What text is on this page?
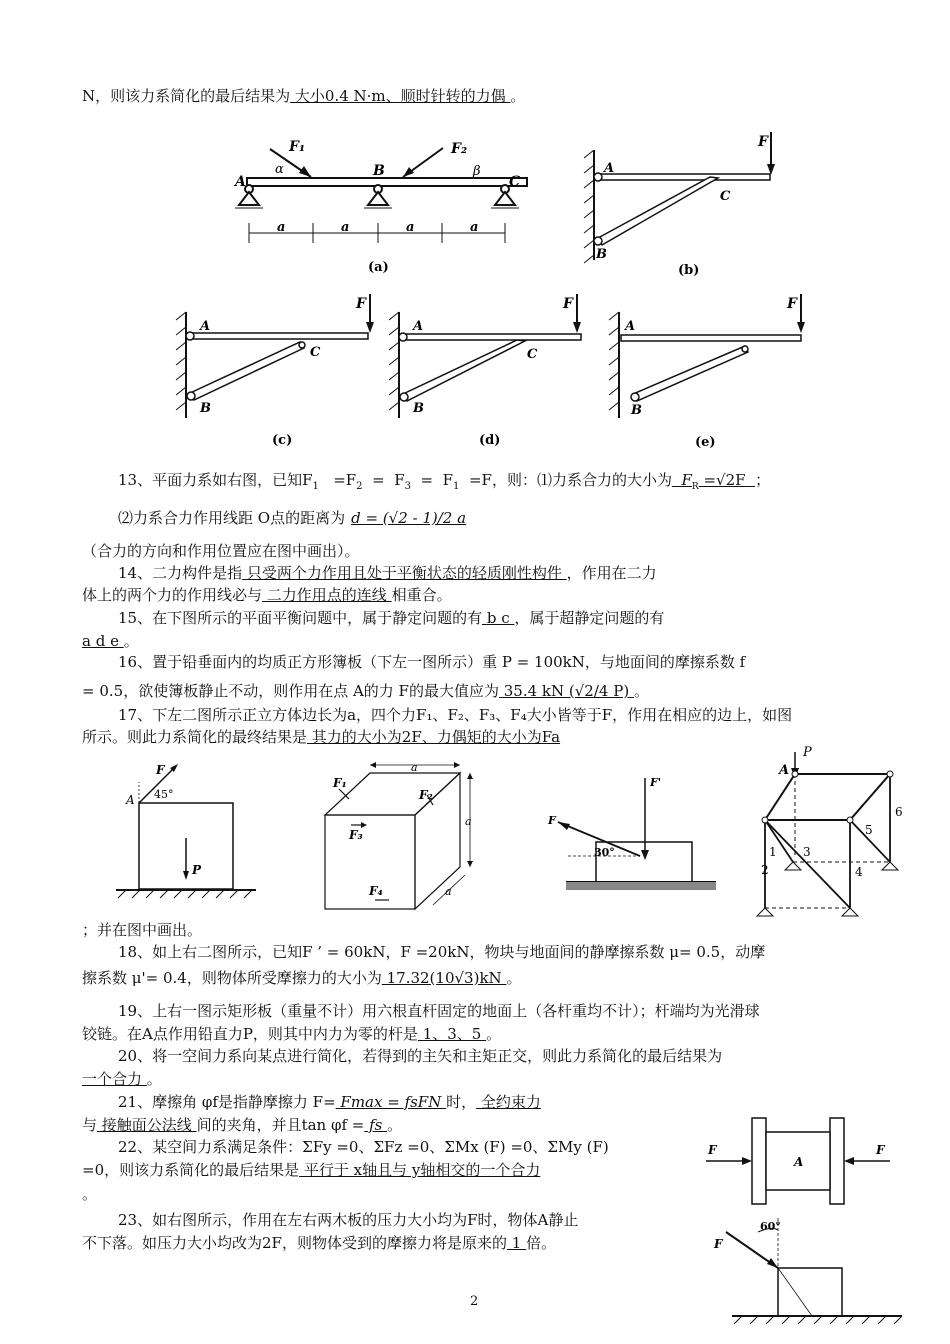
N，则该力系简化的最后结果为 大小0.4 N·m、顺时针转的力偶 。
A
B
C
F₁	F₂
α	β
a	a	a	a
(a)
F
A
B
C
(b)
F
A
B
C
(c)
F
A
B
C
(d)
F
A
B
(e)
13、平面力系如右图，已知$F_1 =F_2 = F_3 = F_1 =F$，则：⑴力系合力的大小为 $F_R =√2F$ ；
⑵力系合力作用线距 O点的距离为 d = (√2 - 1)/2 a
（合力的方向和作用位置应在图中画出）。
14、二力构件是指 只受两个力作用且处于平衡状态的轻质刚性构件 ，作用在二力
体上的两个力的作用线必与 二力作用点的连线 相重合。
15、在下图所示的平面平衡问题中，属于静定问题的有 b c ，属于超静定问题的有
a d e 。
16、置于铅垂面内的均质正方形簿板（下左一图所示）重 P = 100kN，与地面间的摩擦系数 f
= 0.5，欲使簿板静止不动，则作用在点 A的力 F的最大值应为 35.4 kN (√2/4 P) 。
17、下左二图所示正立方体边长为a，四个力F₁、F₂、F₃、F₄大小皆等于F，作用在相应的边上，如图
所示。则此力系简化的最终结果是 其力的大小为2F、力偶矩的大小为Fa
F
A 45°
P
a
a
a
F₁
F₂
F₃
F₄
F'
F
30°
A
P
1
2
3
4
5
6
；并在图中画出。
18、如上右二图所示，已知F ’ = 60kN，F =20kN，物块与地面间的静摩擦系数 μ= 0.5，动摩
擦系数 μ'= 0.4，则物体所受摩擦力的大小为 17.32(10√3)kN 。
19、上右一图示矩形板（重量不计）用六根直杆固定的地面上（各杆重均不计）；杆端均为光滑球
铰链。在A点作用铅直力P，则其中内力为零的杆是 1、3、5 。
20、将一空间力系向某点进行简化，若得到的主矢和主矩正交，则此力系简化的最后结果为
一个合力 。
21、摩擦角 φf是指静摩擦力 F= Fmax = fsFN 时， 全约束力
与 接触面公法线 间的夹角，并且tan φf = fs 。
22、某空间力系满足条件：ΣFy =0、ΣFz =0、ΣMx (F) =0、ΣMy (F)
=0，则该力系简化的最后结果是 平行于 x轴且与 y轴相交的一个合力
。
23、如右图所示，作用在左右两木板的压力大小均为F时，物体A静止
不下落。如压力大小均改为2F，则物体受到的摩擦力将是原来的 1 倍。
F	F
A
F
60°
2
